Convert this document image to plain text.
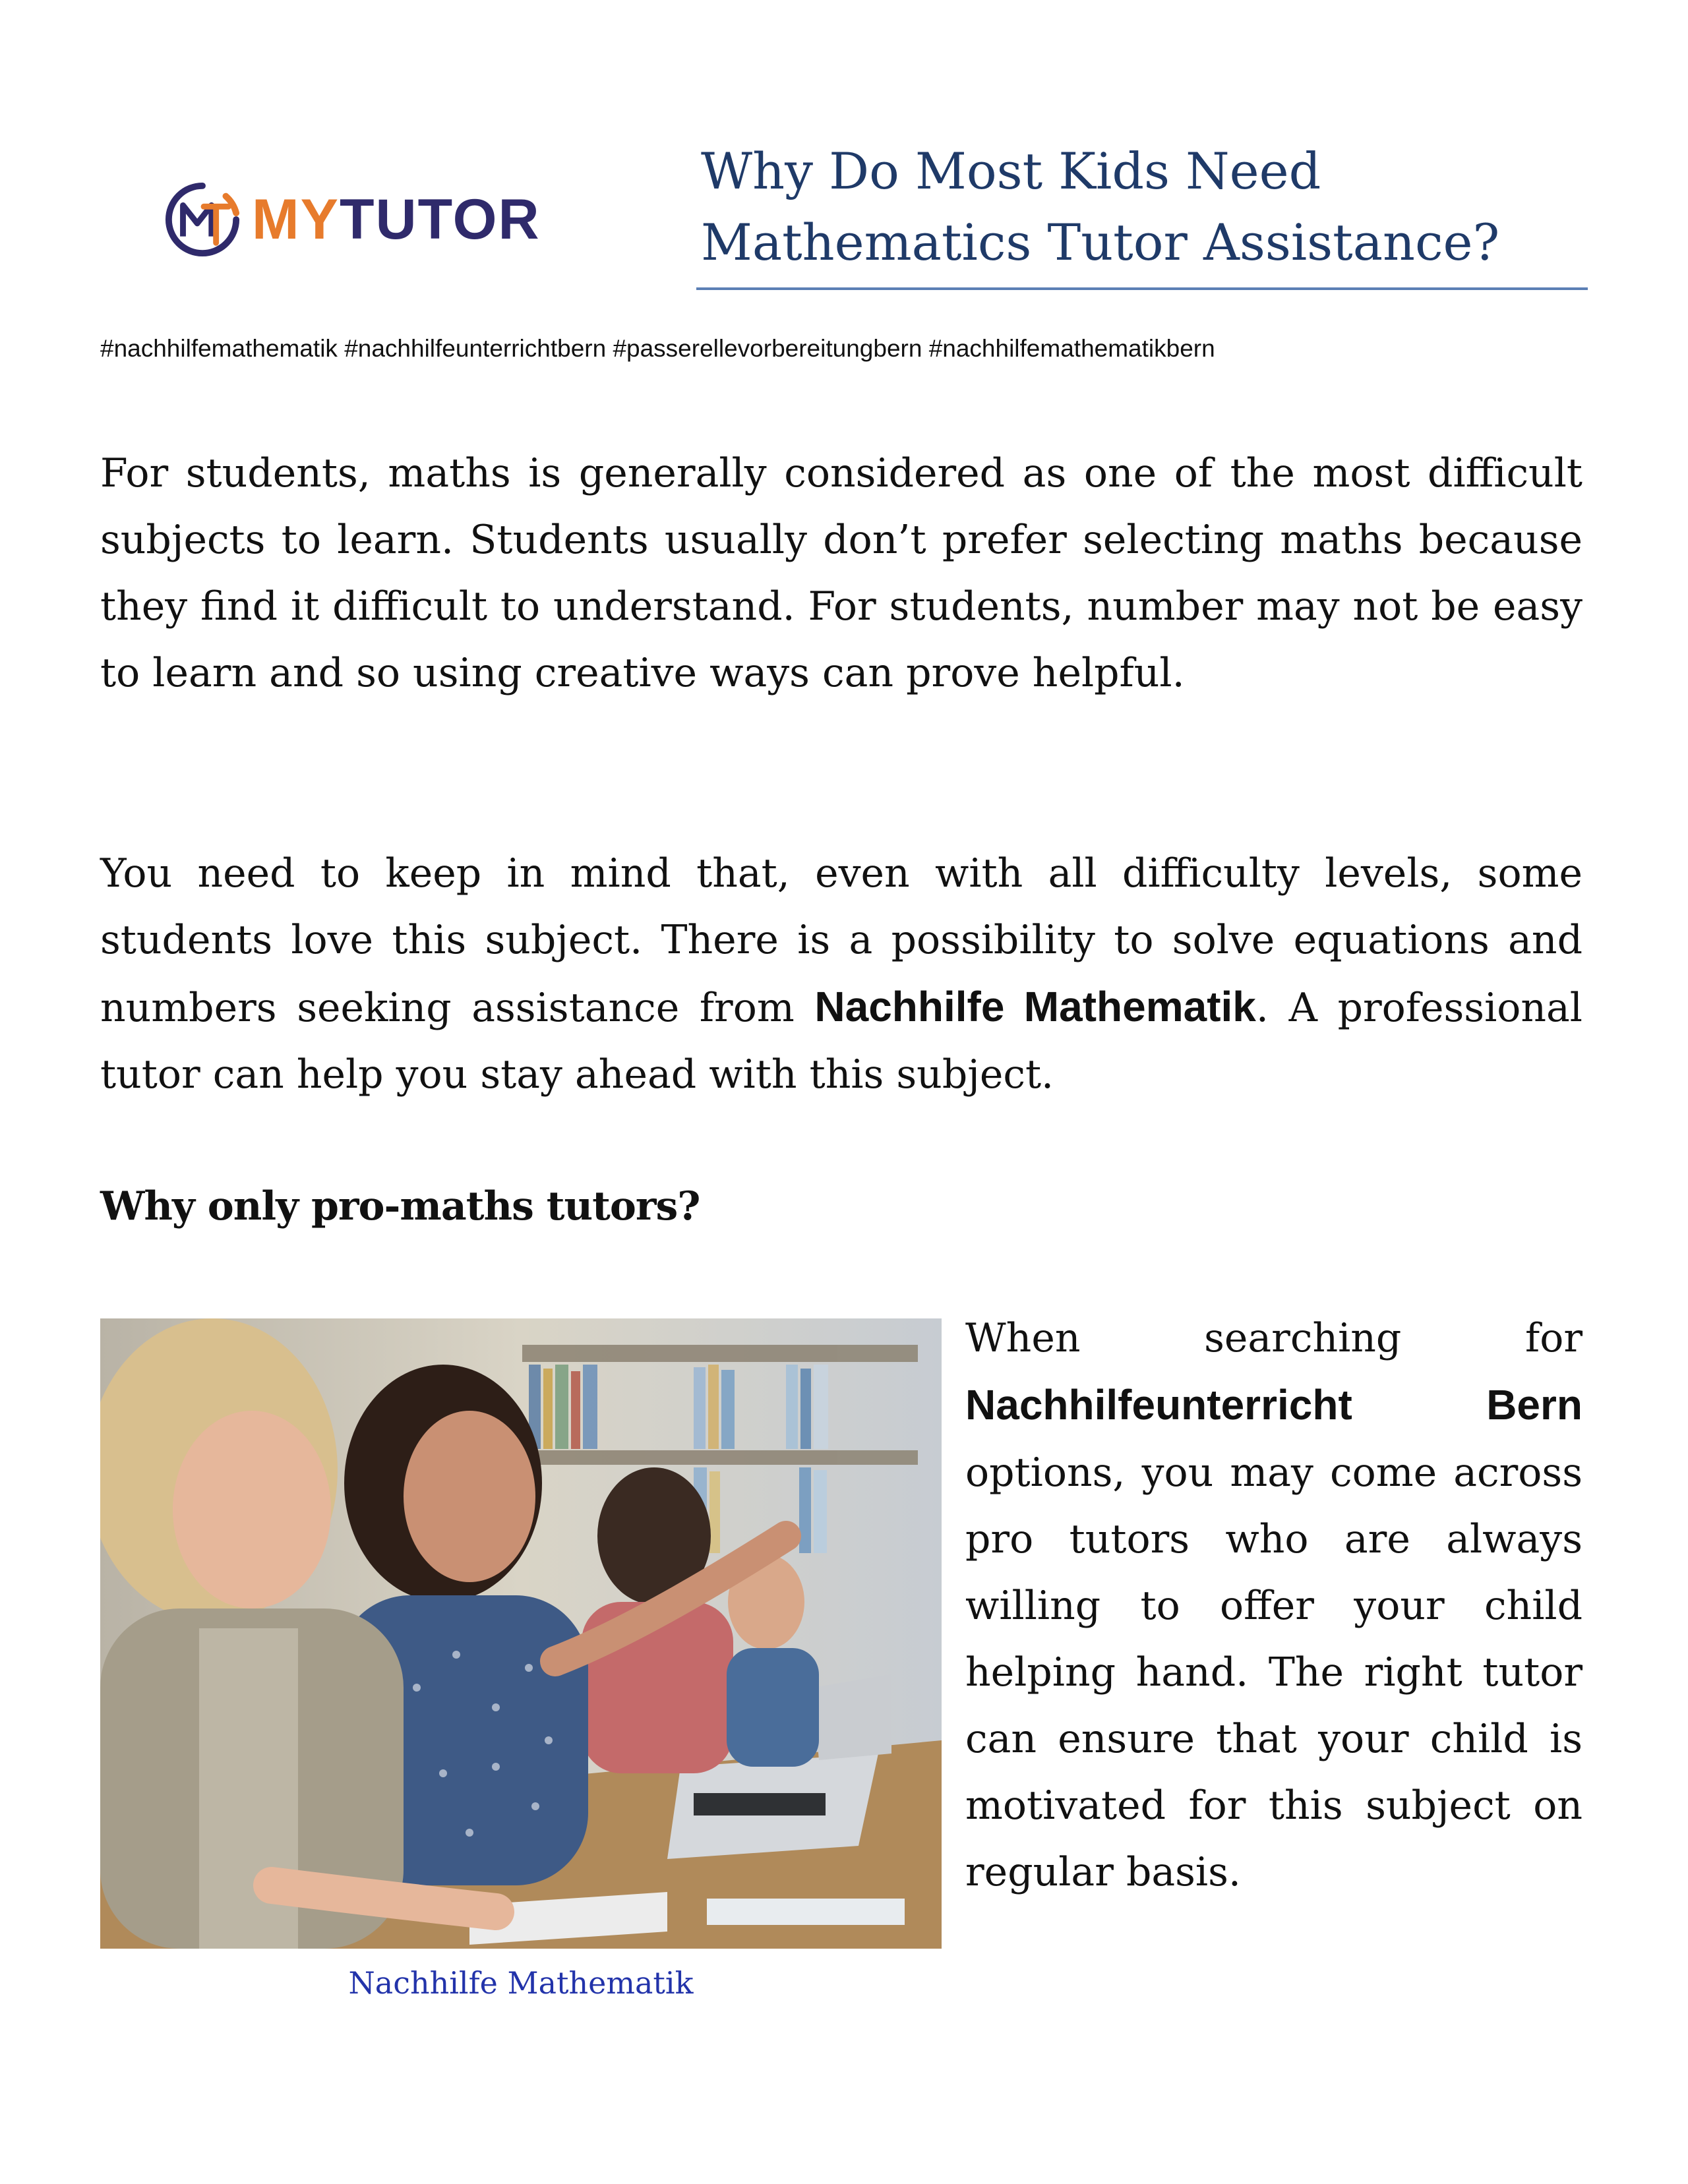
MYTUTOR
Why Do Most Kids Need
Mathematics Tutor Assistance?

#nachhilfemathematik #nachhilfeunterrichtbern #passerellevorbereitungbern #nachhilfemathematikbern

For students, maths is generally considered as one of the most difficult subjects to learn. Students usually don’t prefer selecting maths because they find it difficult to understand. For students, number may not be easy to learn and so using creative ways can prove helpful.

You need to keep in mind that, even with all difficulty levels, some students love this subject. There is a possibility to solve equations and numbers seeking assistance from Nachhilfe Mathematik. A professional tutor can help you stay ahead with this subject.

Why only pro-maths tutors?

Nachhilfe Mathematik

When searching for Nachhilfeunterricht Bern options, you may come across pro tutors who are always willing to offer your child helping hand. The right tutor can ensure that your child is motivated for this subject on regular basis.
